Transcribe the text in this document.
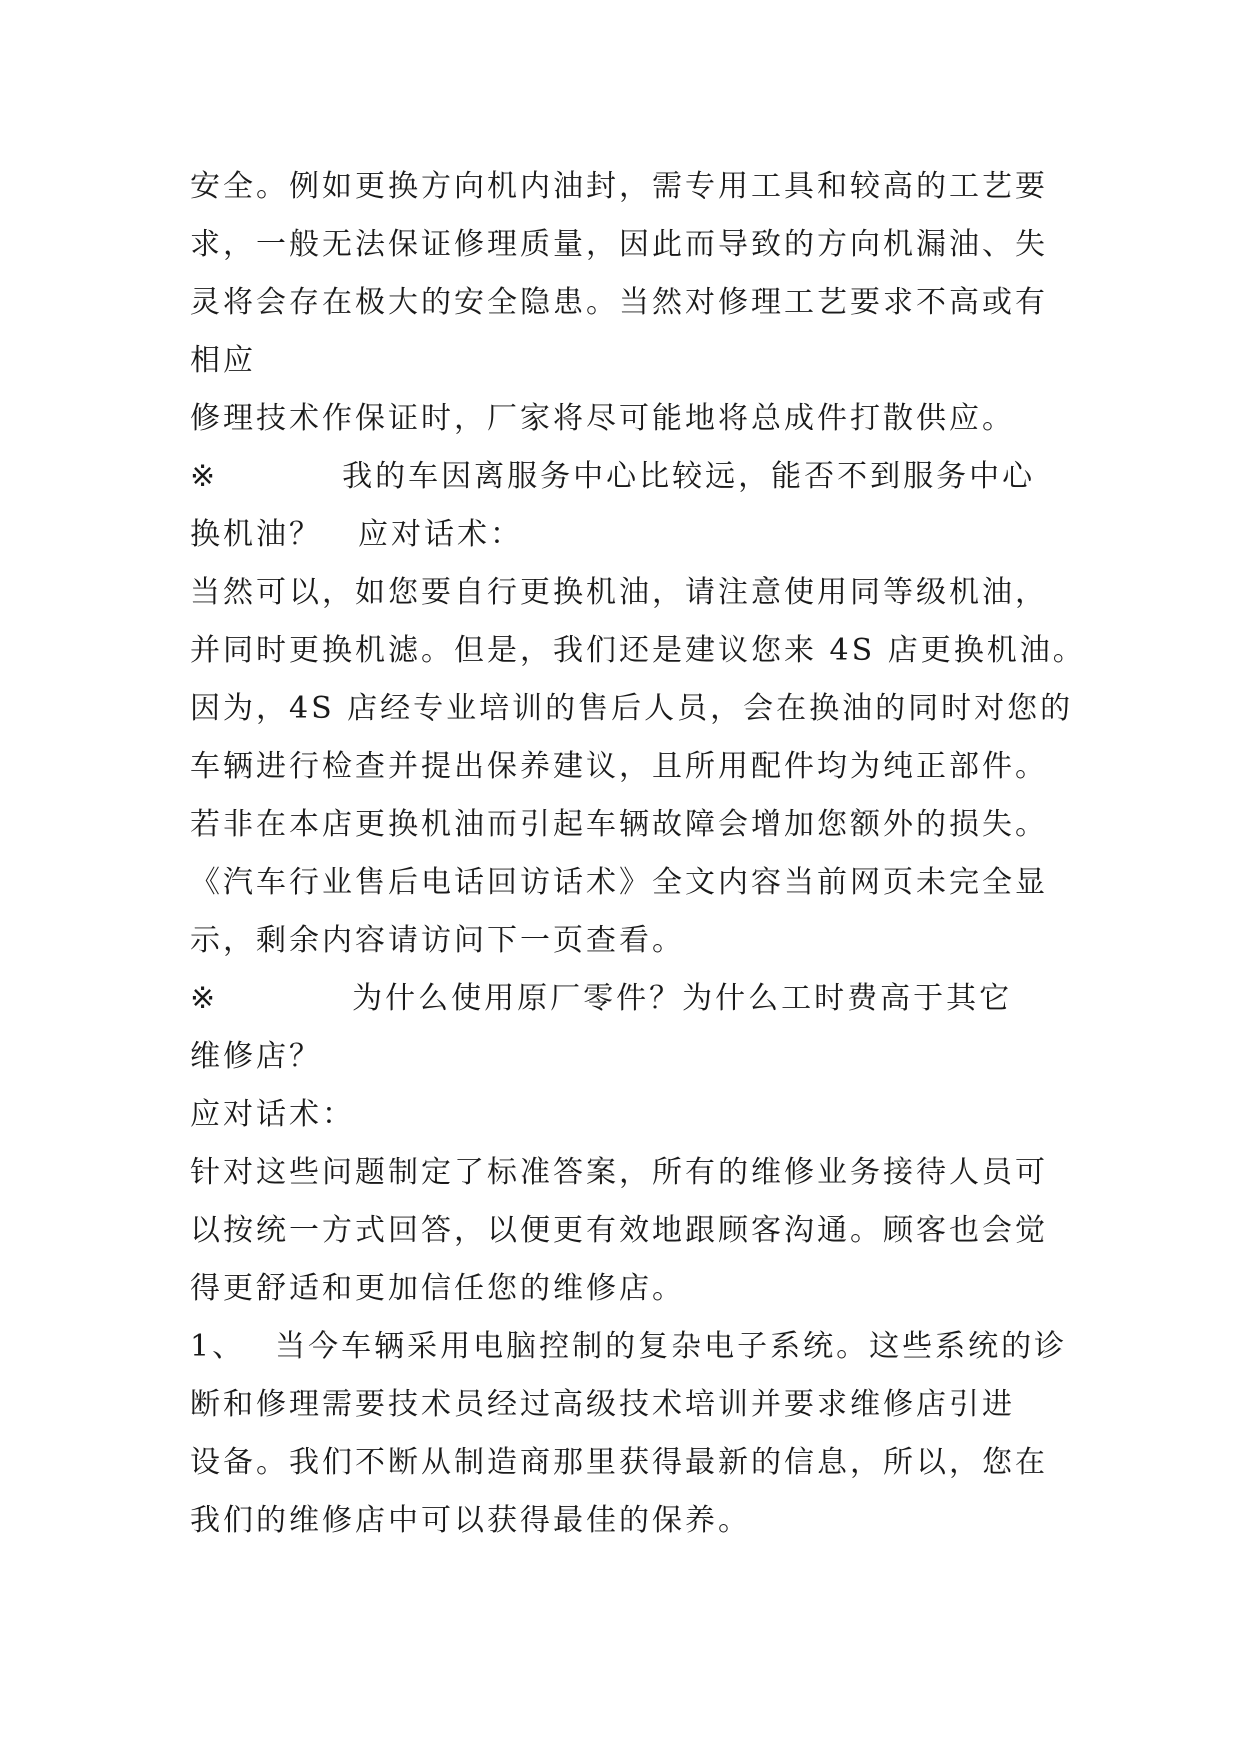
安全。例如更换方向机内油封，需专用工具和较高的工艺要
求，一般无法保证修理质量，因此而导致的方向机漏油、失
灵将会存在极大的安全隐患。当然对修理工艺要求不高或有
相应
修理技术作保证时，厂家将尽可能地将总成件打散供应。
※	我的车因离服务中心比较远，能否不到服务中心
换机油？ 应对话术：
当然可以，如您要自行更换机油，请注意使用同等级机油，
并同时更换机滤。但是，我们还是建议您来 4S 店更换机油。
因为，4S 店经专业培训的售后人员，会在换油的同时对您的
车辆进行检查并提出保养建议，且所用配件均为纯正部件。
若非在本店更换机油而引起车辆故障会增加您额外的损失。
《汽车行业售后电话回访话术》全文内容当前网页未完全显
示，剩余内容请访问下一页查看。
※	为什么使用原厂零件？为什么工时费高于其它
维修店？
应对话术：
针对这些问题制定了标准答案，所有的维修业务接待人员可
以按统一方式回答，以便更有效地跟顾客沟通。顾客也会觉
得更舒适和更加信任您的维修店。
1、 当今车辆采用电脑控制的复杂电子系统。这些系统的诊
断和修理需要技术员经过高级技术培训并要求维修店引进
设备。我们不断从制造商那里获得最新的信息，所以，您在
我们的维修店中可以获得最佳的保养。
